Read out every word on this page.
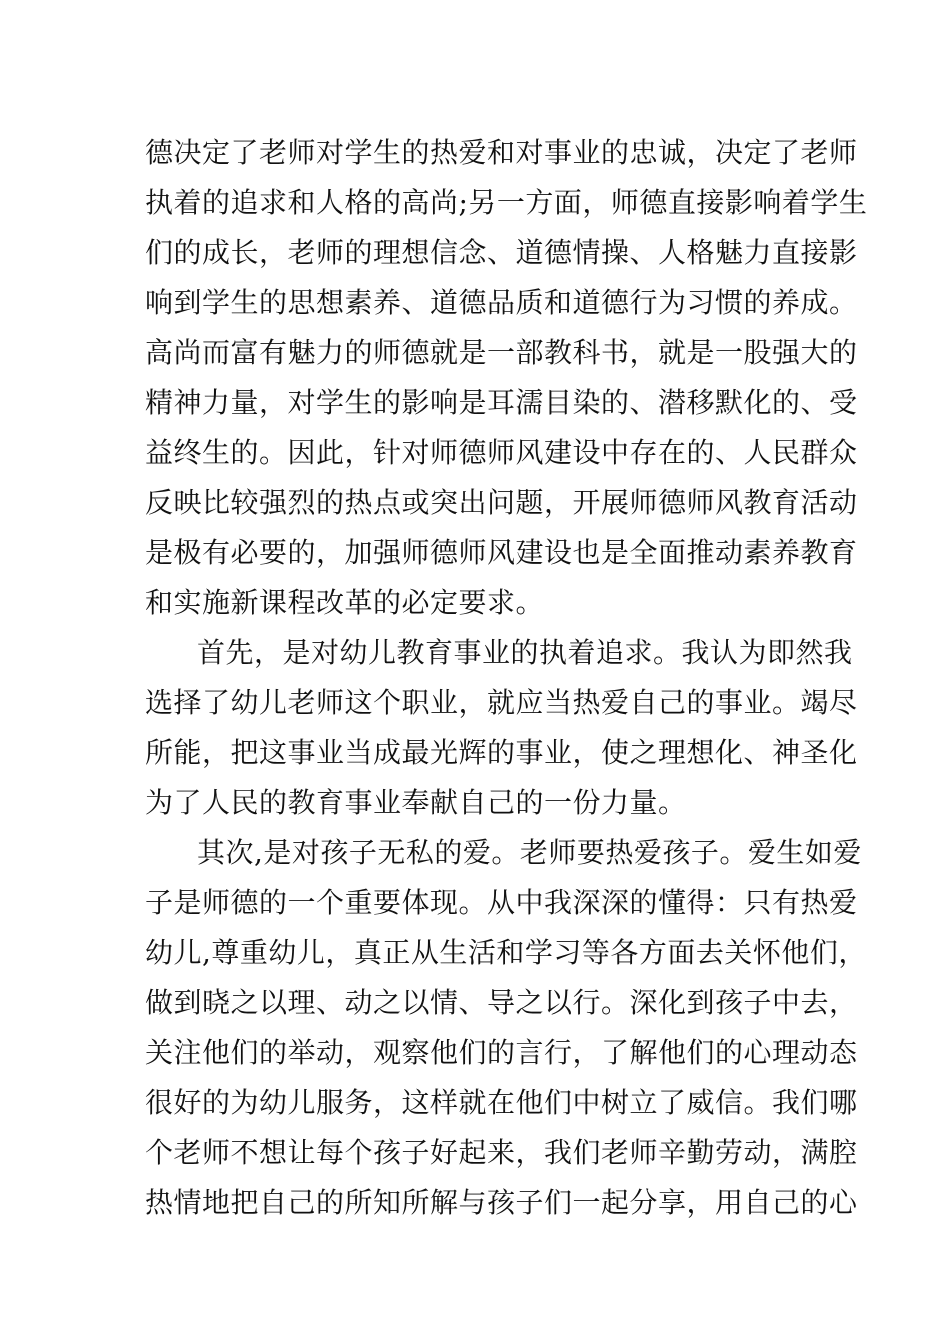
德决定了老师对学生的热爱和对事业的忠诚，决定了老师
执着的追求和人格的高尚;另一方面，师德直接影响着学生
们的成长，老师的理想信念、道德情操、人格魅力直接影
响到学生的思想素养、道德品质和道德行为习惯的养成。
高尚而富有魅力的师德就是一部教科书，就是一股强大的
精神力量，对学生的影响是耳濡目染的、潜移默化的、受
益终生的。因此，针对师德师风建设中存在的、人民群众
反映比较强烈的热点或突出问题，开展师德师风教育活动
是极有必要的，加强师德师风建设也是全面推动素养教育
和实施新课程改革的必定要求。
首先，是对幼儿教育事业的执着追求。我认为即然我
选择了幼儿老师这个职业，就应当热爱自己的事业。竭尽
所能，把这事业当成最光辉的事业，使之理想化、神圣化
为了人民的教育事业奉献自己的一份力量。
其次,是对孩子无私的爱。老师要热爱孩子。爱生如爱
子是师德的一个重要体现。从中我深深的懂得：只有热爱
幼儿,尊重幼儿，真正从生活和学习等各方面去关怀他们，
做到晓之以理、动之以情、导之以行。深化到孩子中去，
关注他们的举动，观察他们的言行，了解他们的心理动态
很好的为幼儿服务，这样就在他们中树立了威信。我们哪
个老师不想让每个孩子好起来，我们老师辛勤劳动，满腔
热情地把自己的所知所解与孩子们一起分享，用自己的心
